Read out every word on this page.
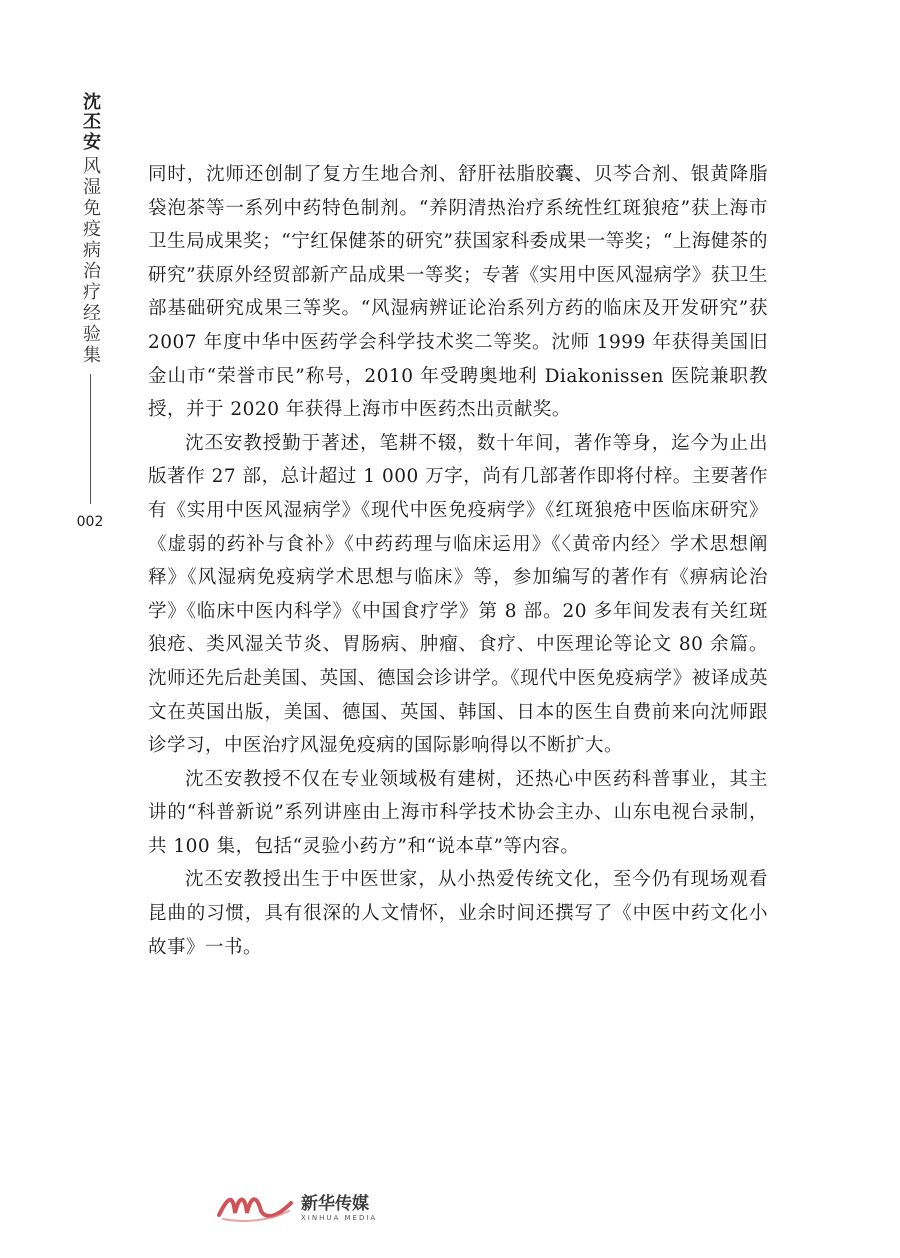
沈丕安
风湿免疫病治疗经验集
002

同时，沈师还创制了复方生地合剂、舒肝祛脂胶囊、贝芩合剂、银黄降脂袋泡茶等一系列中药特色制剂。“养阴清热治疗系统性红斑狼疮”获上海市卫生局成果奖；“宁红保健茶的研究”获国家科委成果一等奖；“上海健茶的研究”获原外经贸部新产品成果一等奖；专著《实用中医风湿病学》获卫生部基础研究成果三等奖。“风湿病辨证论治系列方药的临床及开发研究”获 2007 年度中华中医药学会科学技术奖二等奖。沈师 1999 年获得美国旧金山市“荣誉市民”称号，2010 年受聘奥地利 Diakonissen 医院兼职教授，并于 2020 年获得上海市中医药杰出贡献奖。

沈丕安教授勤于著述，笔耕不辍，数十年间，著作等身，迄今为止出版著作 27 部，总计超过 1 000 万字，尚有几部著作即将付梓。主要著作有《实用中医风湿病学》《现代中医免疫病学》《红斑狼疮中医临床研究》《虚弱的药补与食补》《中药药理与临床运用》《〈黄帝内经〉学术思想阐释》《风湿病免疫病学术思想与临床》等，参加编写的著作有《痹病论治学》《临床中医内科学》《中国食疗学》第 8 部。20 多年间发表有关红斑狼疮、类风湿关节炎、胃肠病、肿瘤、食疗、中医理论等论文 80 余篇。沈师还先后赴美国、英国、德国会诊讲学。《现代中医免疫病学》被译成英文在英国出版，美国、德国、英国、韩国、日本的医生自费前来向沈师跟诊学习，中医治疗风湿免疫病的国际影响得以不断扩大。

沈丕安教授不仅在专业领域极有建树，还热心中医药科普事业，其主讲的“科普新说”系列讲座由上海市科学技术协会主办、山东电视台录制，共 100 集，包括“灵验小药方”和“说本草”等内容。

沈丕安教授出生于中医世家，从小热爱传统文化，至今仍有现场观看昆曲的习惯，具有很深的人文情怀，业余时间还撰写了《中医中药文化小故事》一书。

新华传媒
XINHUA MEDIA
